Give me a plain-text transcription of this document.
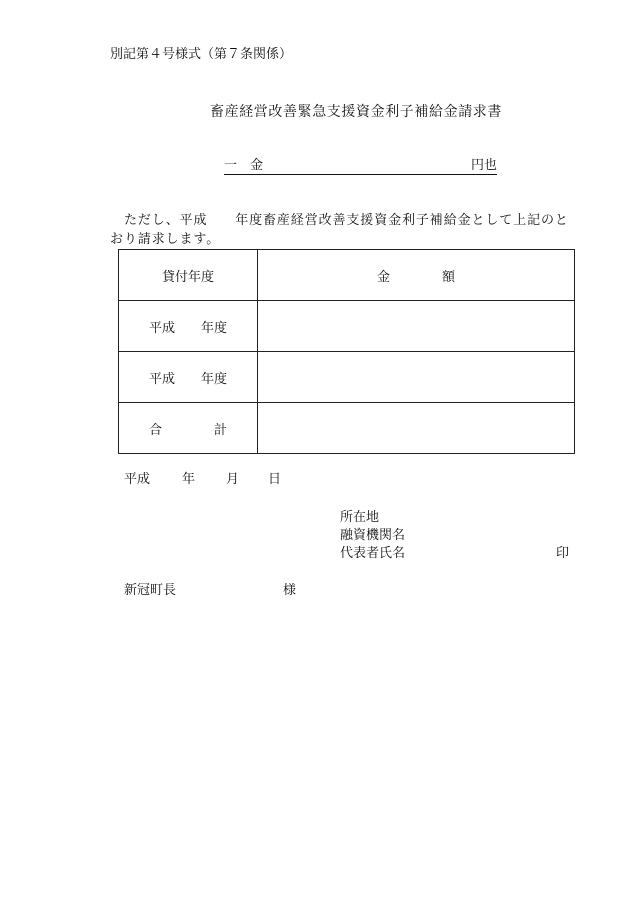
別記第４号様式（第７条関係）
畜産経営改善緊急支援資金利子補給金請求書
一　金	円也
ただし、平成　　年度畜産経営改善支援資金利子補給金として上記のと
おり請求します。
貸付年度	金　　　　額
平成　　年度	
平成　　年度	
合　　　　計	
平成 年 月 日
所在地
融資機関名
代表者氏名	印
新冠町長	様
